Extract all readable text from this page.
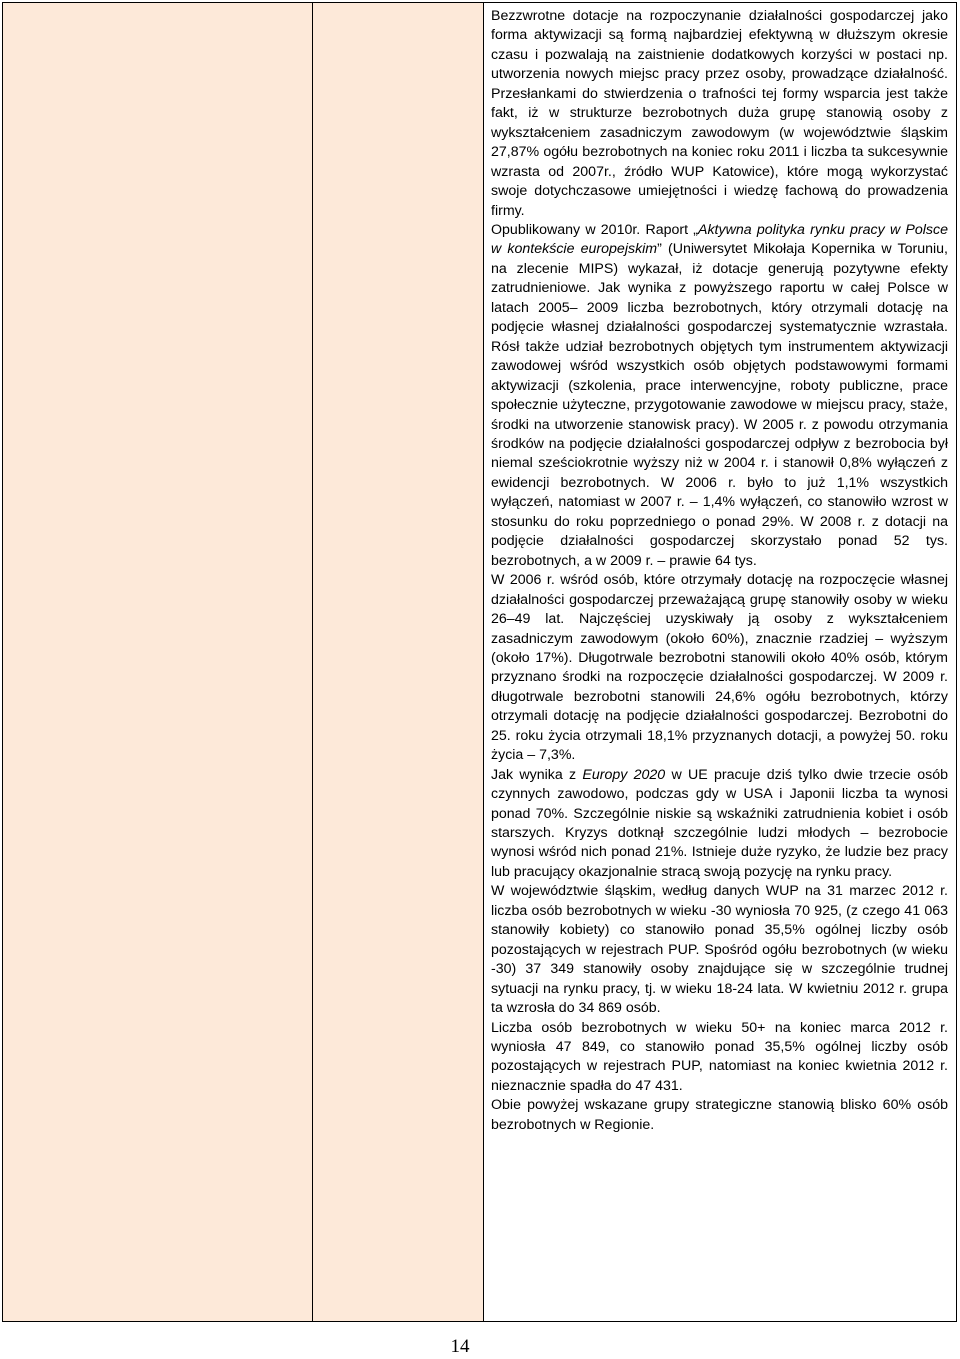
Bezzwrotne dotacje na rozpoczynanie działalności gospodarczej jako forma aktywizacji są formą najbardziej efektywną w dłuższym okresie czasu i pozwalają na zaistnienie dodatkowych korzyści w postaci np. utworzenia nowych miejsc pracy przez osoby, prowadzące działalność. Przesłankami do stwierdzenia o trafności tej formy wsparcia jest także fakt, iż w strukturze bezrobotnych duża grupę stanowią osoby z wykształceniem zasadniczym zawodowym (w województwie śląskim 27,87% ogółu bezrobotnych na koniec roku 2011 i liczba ta sukcesywnie wzrasta od 2007r., źródło WUP Katowice), które mogą wykorzystać swoje dotychczasowe umiejętności i wiedzę fachową do prowadzenia firmy.

Opublikowany w 2010r. Raport „Aktywna polityka rynku pracy w Polsce w kontekście europejskim” (Uniwersytet Mikołaja Kopernika w Toruniu, na zlecenie MIPS) wykazał, iż dotacje generują pozytywne efekty zatrudnieniowe. Jak wynika z powyższego raportu w całej Polsce w latach 2005– 2009 liczba bezrobotnych, który otrzymali dotację na podjęcie własnej działalności gospodarczej systematycznie wzrastała. Rósł także udział bezrobotnych objętych tym instrumentem aktywizacji zawodowej wśród wszystkich osób objętych podstawowymi formami aktywizacji (szkolenia, prace interwencyjne, roboty publiczne, prace społecznie użyteczne, przygotowanie zawodowe w miejscu pracy, staże, środki na utworzenie stanowisk pracy). W 2005 r. z powodu otrzymania środków na podjęcie działalności gospodarczej odpływ z bezrobocia był niemal sześciokrotnie wyższy niż w 2004 r. i stanowił 0,8% wyłączeń z ewidencji bezrobotnych. W 2006 r. było to już 1,1% wszystkich wyłączeń, natomiast w 2007 r. – 1,4% wyłączeń, co stanowiło wzrost w stosunku do roku poprzedniego o ponad 29%. W 2008 r. z dotacji na podjęcie działalności gospodarczej skorzystało ponad 52 tys. bezrobotnych, a w 2009 r. – prawie 64 tys.

W 2006 r. wśród osób, które otrzymały dotację na rozpoczęcie własnej działalności gospodarczej przeważającą grupę stanowiły osoby w wieku 26–49 lat. Najczęściej uzyskiwały ją osoby z wykształceniem zasadniczym zawodowym (około 60%), znacznie rzadziej – wyższym (około 17%). Długotrwale bezrobotni stanowili około 40% osób, którym przyznano środki na rozpoczęcie działalności gospodarczej. W 2009 r. długotrwale bezrobotni stanowili 24,6% ogółu bezrobotnych, którzy otrzymali dotację na podjęcie działalności gospodarczej. Bezrobotni do 25. roku życia otrzymali 18,1% przyznanych dotacji, a powyżej 50. roku życia – 7,3%.

Jak wynika z Europy 2020 w UE pracuje dziś tylko dwie trzecie osób czynnych zawodowo, podczas gdy w USA i Japonii liczba ta wynosi ponad 70%. Szczególnie niskie są wskaźniki zatrudnienia kobiet i osób starszych. Kryzys dotknął szczególnie ludzi młodych – bezrobocie wynosi wśród nich ponad 21%. Istnieje duże ryzyko, że ludzie bez pracy lub pracujący okazjonalnie stracą swoją pozycję na rynku pracy.

W województwie śląskim, według danych WUP na 31 marzec 2012 r. liczba osób bezrobotnych w wieku -30 wyniosła 70 925, (z czego 41 063 stanowiły kobiety) co stanowiło ponad 35,5% ogólnej liczby osób pozostających w rejestrach PUP. Spośród ogółu bezrobotnych (w wieku -30) 37 349 stanowiły osoby znajdujące się w szczególnie trudnej sytuacji na rynku pracy, tj. w wieku 18-24 lata. W kwietniu 2012 r. grupa ta wzrosła do 34 869 osób.

Liczba osób bezrobotnych w wieku 50+ na koniec marca 2012 r. wyniosła 47 849, co stanowiło ponad 35,5% ogólnej liczby osób pozostających w rejestrach PUP, natomiast na koniec kwietnia 2012 r. nieznacznie spadła do 47 431.

Obie powyżej wskazane grupy strategiczne stanowią blisko 60% osób bezrobotnych w Regionie.

14
